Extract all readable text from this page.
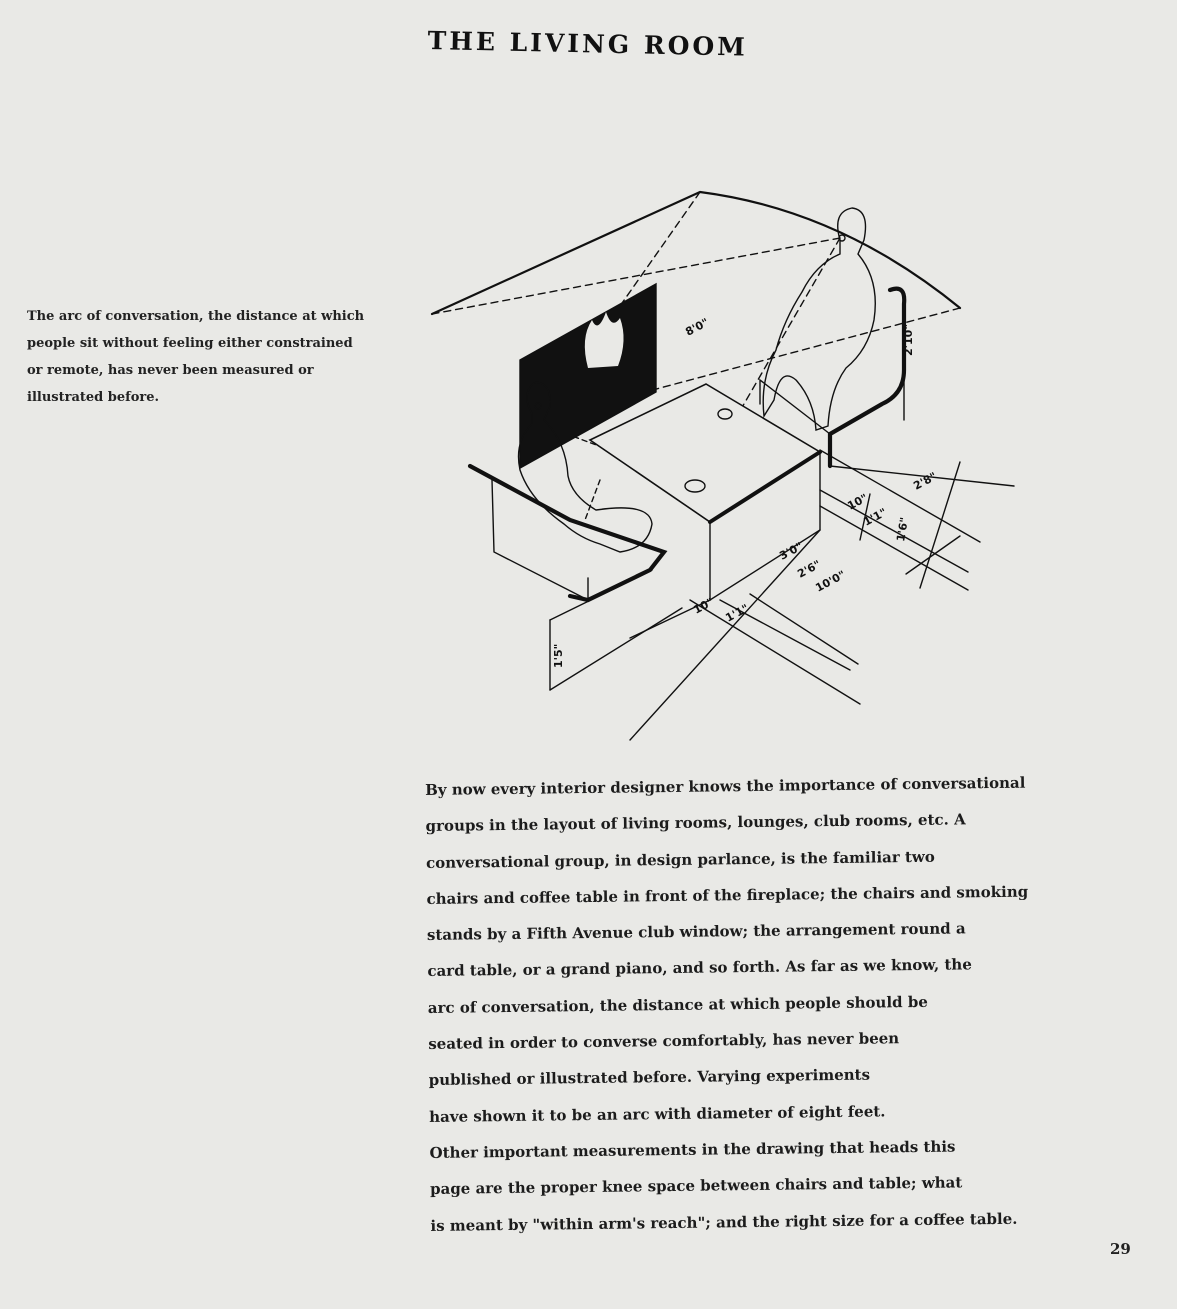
THE LIVING ROOM
The arc of conversation, the distance at which
people sit without feeling either constrained
or remote, has never been measured or
illustrated before.
8'0"	2'10"
2'8"
10"
1'1" 1'6"
3'0"
2'6"
10'0"
10" 1'1"
1'5"
By now every interior designer knows the importance of conversational
groups in the layout of living rooms, lounges, club rooms, etc. A
conversational group, in design parlance, is the familiar two
chairs and coffee table in front of the fireplace; the chairs and smoking
stands by a Fifth Avenue club window; the arrangement round a
card table, or a grand piano, and so forth. As far as we know, the
arc of conversation, the distance at which people should be
seated in order to converse comfortably, has never been
published or illustrated before. Varying experiments
have shown it to be an arc with diameter of eight feet.
Other important measurements in the drawing that heads this
page are the proper knee space between chairs and table; what
is meant by "within arm's reach"; and the right size for a coffee table.
29
